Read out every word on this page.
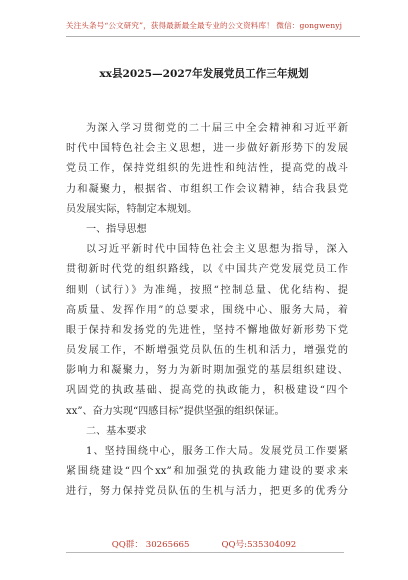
关注头条号“公文研究”，获得最新最全最专业的公文资料库！ 微信：gongwenyj
xx县2025—2027年发展党员工作三年规划
为深入学习贯彻党的二十届三中全会精神和习近平新
时代中国特色社会主义思想，进一步做好新形势下的发展
党员工作，保持党组织的先进性和纯洁性，提高党的战斗
力和凝聚力，根据省、市组织工作会议精神，结合我县党
员发展实际，特制定本规划。
一、指导思想
以习近平新时代中国特色社会主义思想为指导，深入
贯彻新时代党的组织路线，以《中国共产党发展党员工作
细则（试行）》为准绳，按照“控制总量、优化结构、提
高质量、发挥作用”的总要求，围绕中心、服务大局，着
眼于保持和发扬党的先进性，坚持不懈地做好新形势下党
员发展工作，不断增强党员队伍的生机和活力，增强党的
影响力和凝聚力，努力为新时期加强党的基层组织建设、
巩固党的执政基础、提高党的执政能力，积极建设“四个
xx”、奋力实现“四感目标”提供坚强的组织保证。
二、基本要求
1、坚持围绕中心，服务工作大局。发展党员工作要紧
紧围绕建设“四个xx”和加强党的执政能力建设的要求来
进行，努力保持党员队伍的生机与活力，把更多的优秀分
QQ群： 30265665	QQ号:535304092
